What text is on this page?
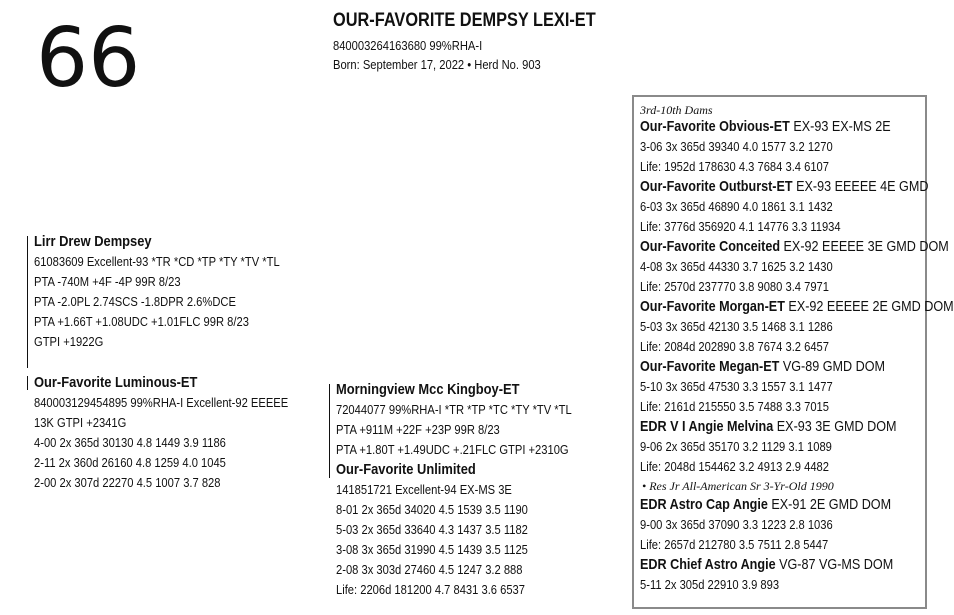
66	OUR-FAVORITE DEMPSY LEXI-ET
840003264163680 99%RHA-I
Born: September 17, 2022 • Herd No. 903
Lirr Drew Dempsey
61083609 Excellent-93 *TR *CD *TP *TY *TV *TL
PTA -740M +4F -4P 99R 8/23
PTA -2.0PL 2.74SCS -1.8DPR 2.6%DCE
PTA +1.66T +1.08UDC +1.01FLC 99R 8/23
GTPI +1922G
Our-Favorite Luminous-ET
840003129454895 99%RHA-I Excellent-92 EEEEE
13K GTPI +2341G
4-00 2x 365d 30130 4.8 1449 3.9 1186
2-11 2x 360d 26160 4.8 1259 4.0 1045
2-00 2x 307d 22270 4.5 1007 3.7 828
Morningview Mcc Kingboy-ET
72044077 99%RHA-I *TR *TP *TC *TY *TV *TL
PTA +911M +22F +23P 99R 8/23
PTA +1.80T +1.49UDC +.21FLC GTPI +2310G
Our-Favorite Unlimited
141851721 Excellent-94 EX-MS 3E
8-01 2x 365d 34020 4.5 1539 3.5 1190
5-03 2x 365d 33640 4.3 1437 3.5 1182
3-08 3x 365d 31990 4.5 1439 3.5 1125
2-08 3x 303d 27460 4.5 1247 3.2 888
Life: 2206d 181200 4.7 8431 3.6 6537
3rd-10th Dams
Our-Favorite Obvious-ET EX-93 EX-MS 2E
3-06 3x 365d 39340 4.0 1577 3.2 1270
Life: 1952d 178630 4.3 7684 3.4 6107
Our-Favorite Outburst-ET EX-93 EEEEE 4E GMD
6-03 3x 365d 46890 4.0 1861 3.1 1432
Life: 3776d 356920 4.1 14776 3.3 11934
Our-Favorite Conceited EX-92 EEEEE 3E GMD DOM
4-08 3x 365d 44330 3.7 1625 3.2 1430
Life: 2570d 237770 3.8 9080 3.4 7971
Our-Favorite Morgan-ET EX-92 EEEEE 2E GMD DOM
5-03 3x 365d 42130 3.5 1468 3.1 1286
Life: 2084d 202890 3.8 7674 3.2 6457
Our-Favorite Megan-ET VG-89 GMD DOM
5-10 3x 365d 47530 3.3 1557 3.1 1477
Life: 2161d 215550 3.5 7488 3.3 7015
EDR V I Angie Melvina EX-93 3E GMD DOM
9-06 2x 365d 35170 3.2 1129 3.1 1089
Life: 2048d 154462 3.2 4913 2.9 4482
• Res Jr All-American Sr 3-Yr-Old 1990
EDR Astro Cap Angie EX-91 2E GMD DOM
9-00 3x 365d 37090 3.3 1223 2.8 1036
Life: 2657d 212780 3.5 7511 2.8 5447
EDR Chief Astro Angie VG-87 VG-MS DOM
5-11 2x 305d 22910 3.9 893
